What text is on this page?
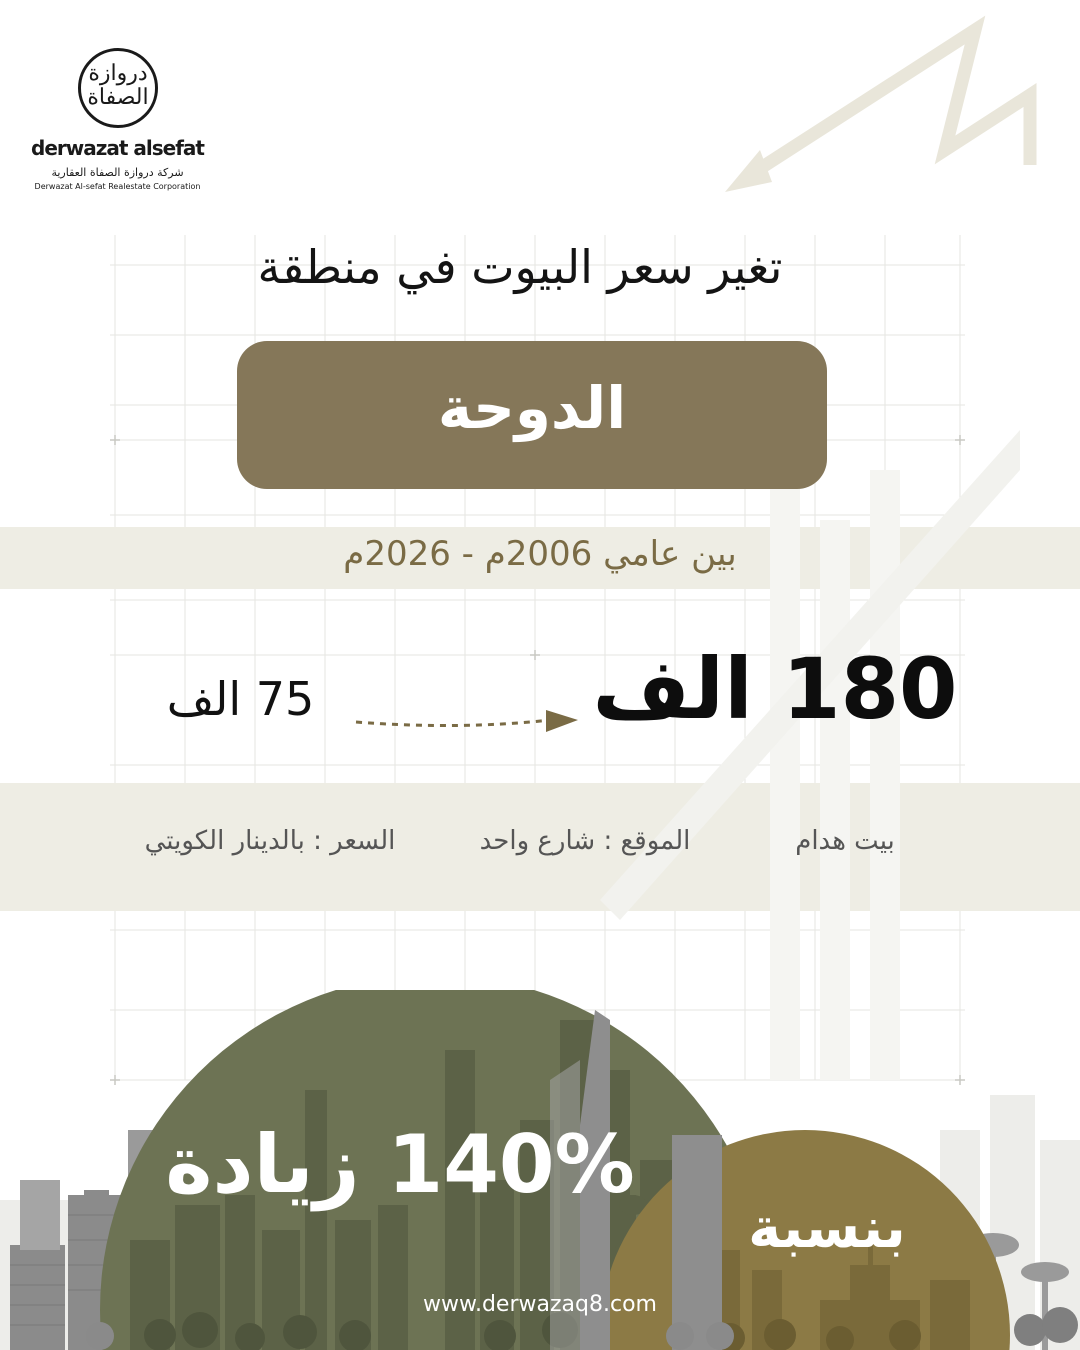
دروازة الصفاة
derwazat alsefat
شركة دروازة الصفاة العقارية
Derwazat Al-sefat Realestate Corporation
تغير سعر البيوت في منطقة
الدوحة
بين عامي 2006م - 2026م
180 الف
75 الف
بيت هدام
الموقع : شارع واحد
السعر : بالدينار الكويتي
140% زيادة
بنسبة
www.derwazaq8.com
